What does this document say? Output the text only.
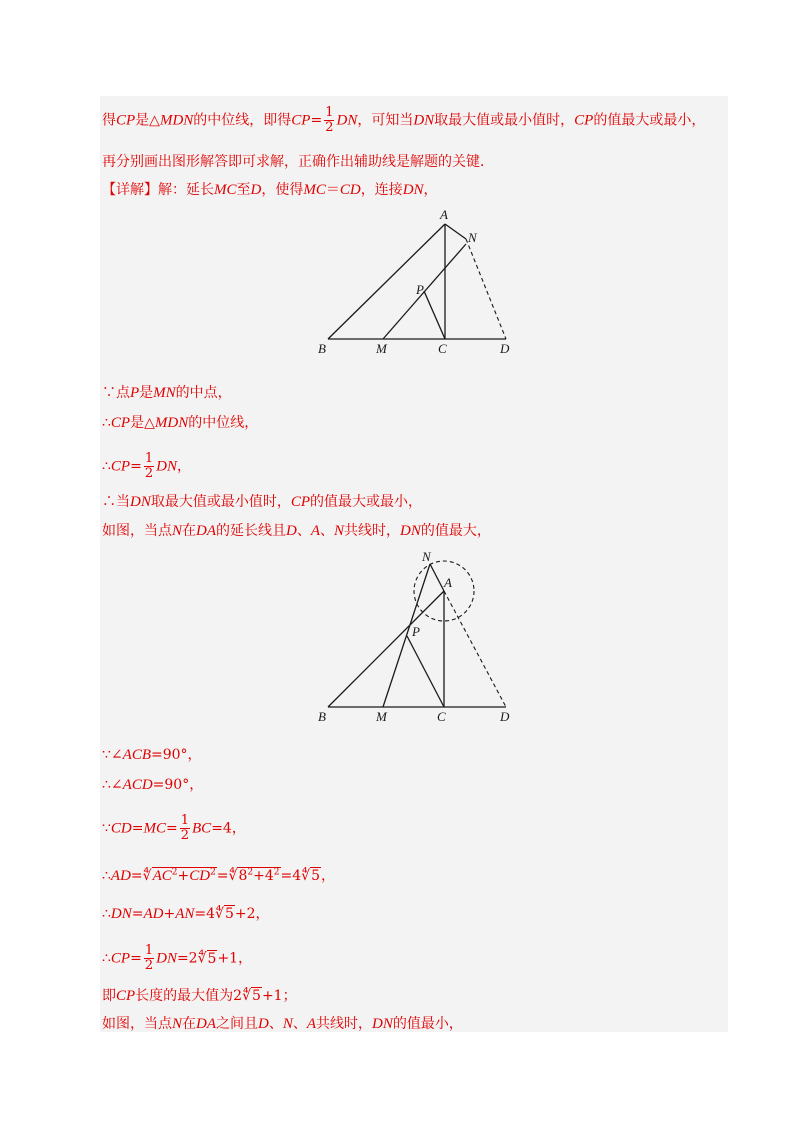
得CP是△MDN的中位线，即得$CP= \frac{1}{2}$ DN，可知当DN取最大值或最小值时，CP的值最大或最小，
再分别画出图形解答即可求解，正确作出辅助线是解题的关键．
【详解】解：延长MC至D，使得MC＝CD，连接DN，
A
N
P
B	M	C	D
∵点P是MN的中点，
∴CP是△MDN的中位线，
∴CP= $\frac{1}{2}$ DN，
∴当DN取最大值或最小值时，CP的值最大或最小，
如图，当点N在DA的延长线且D、A、N共线时，DN的值最大，
N
A
P
B	M	C	D
∵∠ACB=90°，
∴∠ACD=90°，
∵CD=MC= $\frac{1}{2} BC=4$，
$\therefore AD=∜AC^2+CD^2=∜8^2+4^2=4∜5$，
∴DN=AD+AN=4∜5+2，
∴CP= $\frac{1}{2}$ DN=2∜5+1，
即CP长度的最大值为2∜5+1；
如图，当点N在DA之间且D、N、A共线时，DN的值最小，
